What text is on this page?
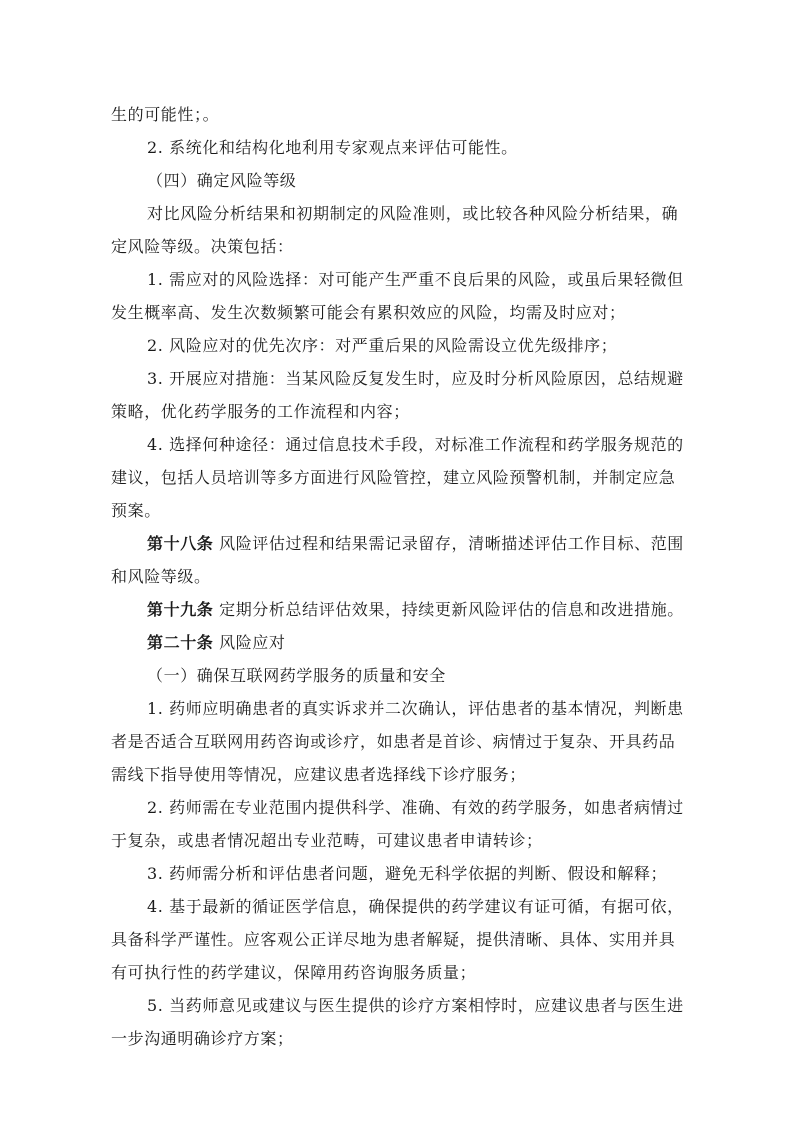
生的可能性；。
2. 系统化和结构化地利用专家观点来评估可能性。
（四）确定风险等级
对比风险分析结果和初期制定的风险准则，或比较各种风险分析结果，确
定风险等级。决策包括：
1. 需应对的风险选择：对可能产生严重不良后果的风险，或虽后果轻微但
发生概率高、发生次数频繁可能会有累积效应的风险，均需及时应对；
2. 风险应对的优先次序：对严重后果的风险需设立优先级排序；
3. 开展应对措施：当某风险反复发生时，应及时分析风险原因，总结规避
策略，优化药学服务的工作流程和内容；
4. 选择何种途径：通过信息技术手段，对标准工作流程和药学服务规范的
建议，包括人员培训等多方面进行风险管控，建立风险预警机制，并制定应急
预案。
第十八条 风险评估过程和结果需记录留存，清晰描述评估工作目标、范围
和风险等级。
第十九条 定期分析总结评估效果，持续更新风险评估的信息和改进措施。
第二十条 风险应对
（一）确保互联网药学服务的质量和安全
1. 药师应明确患者的真实诉求并二次确认，评估患者的基本情况，判断患
者是否适合互联网用药咨询或诊疗，如患者是首诊、病情过于复杂、开具药品
需线下指导使用等情况，应建议患者选择线下诊疗服务；
2. 药师需在专业范围内提供科学、准确、有效的药学服务，如患者病情过
于复杂，或患者情况超出专业范畴，可建议患者申请转诊；
3. 药师需分析和评估患者问题，避免无科学依据的判断、假设和解释；
4. 基于最新的循证医学信息，确保提供的药学建议有证可循，有据可依，
具备科学严谨性。应客观公正详尽地为患者解疑，提供清晰、具体、实用并具
有可执行性的药学建议，保障用药咨询服务质量；
5. 当药师意见或建议与医生提供的诊疗方案相悖时，应建议患者与医生进
一步沟通明确诊疗方案；
